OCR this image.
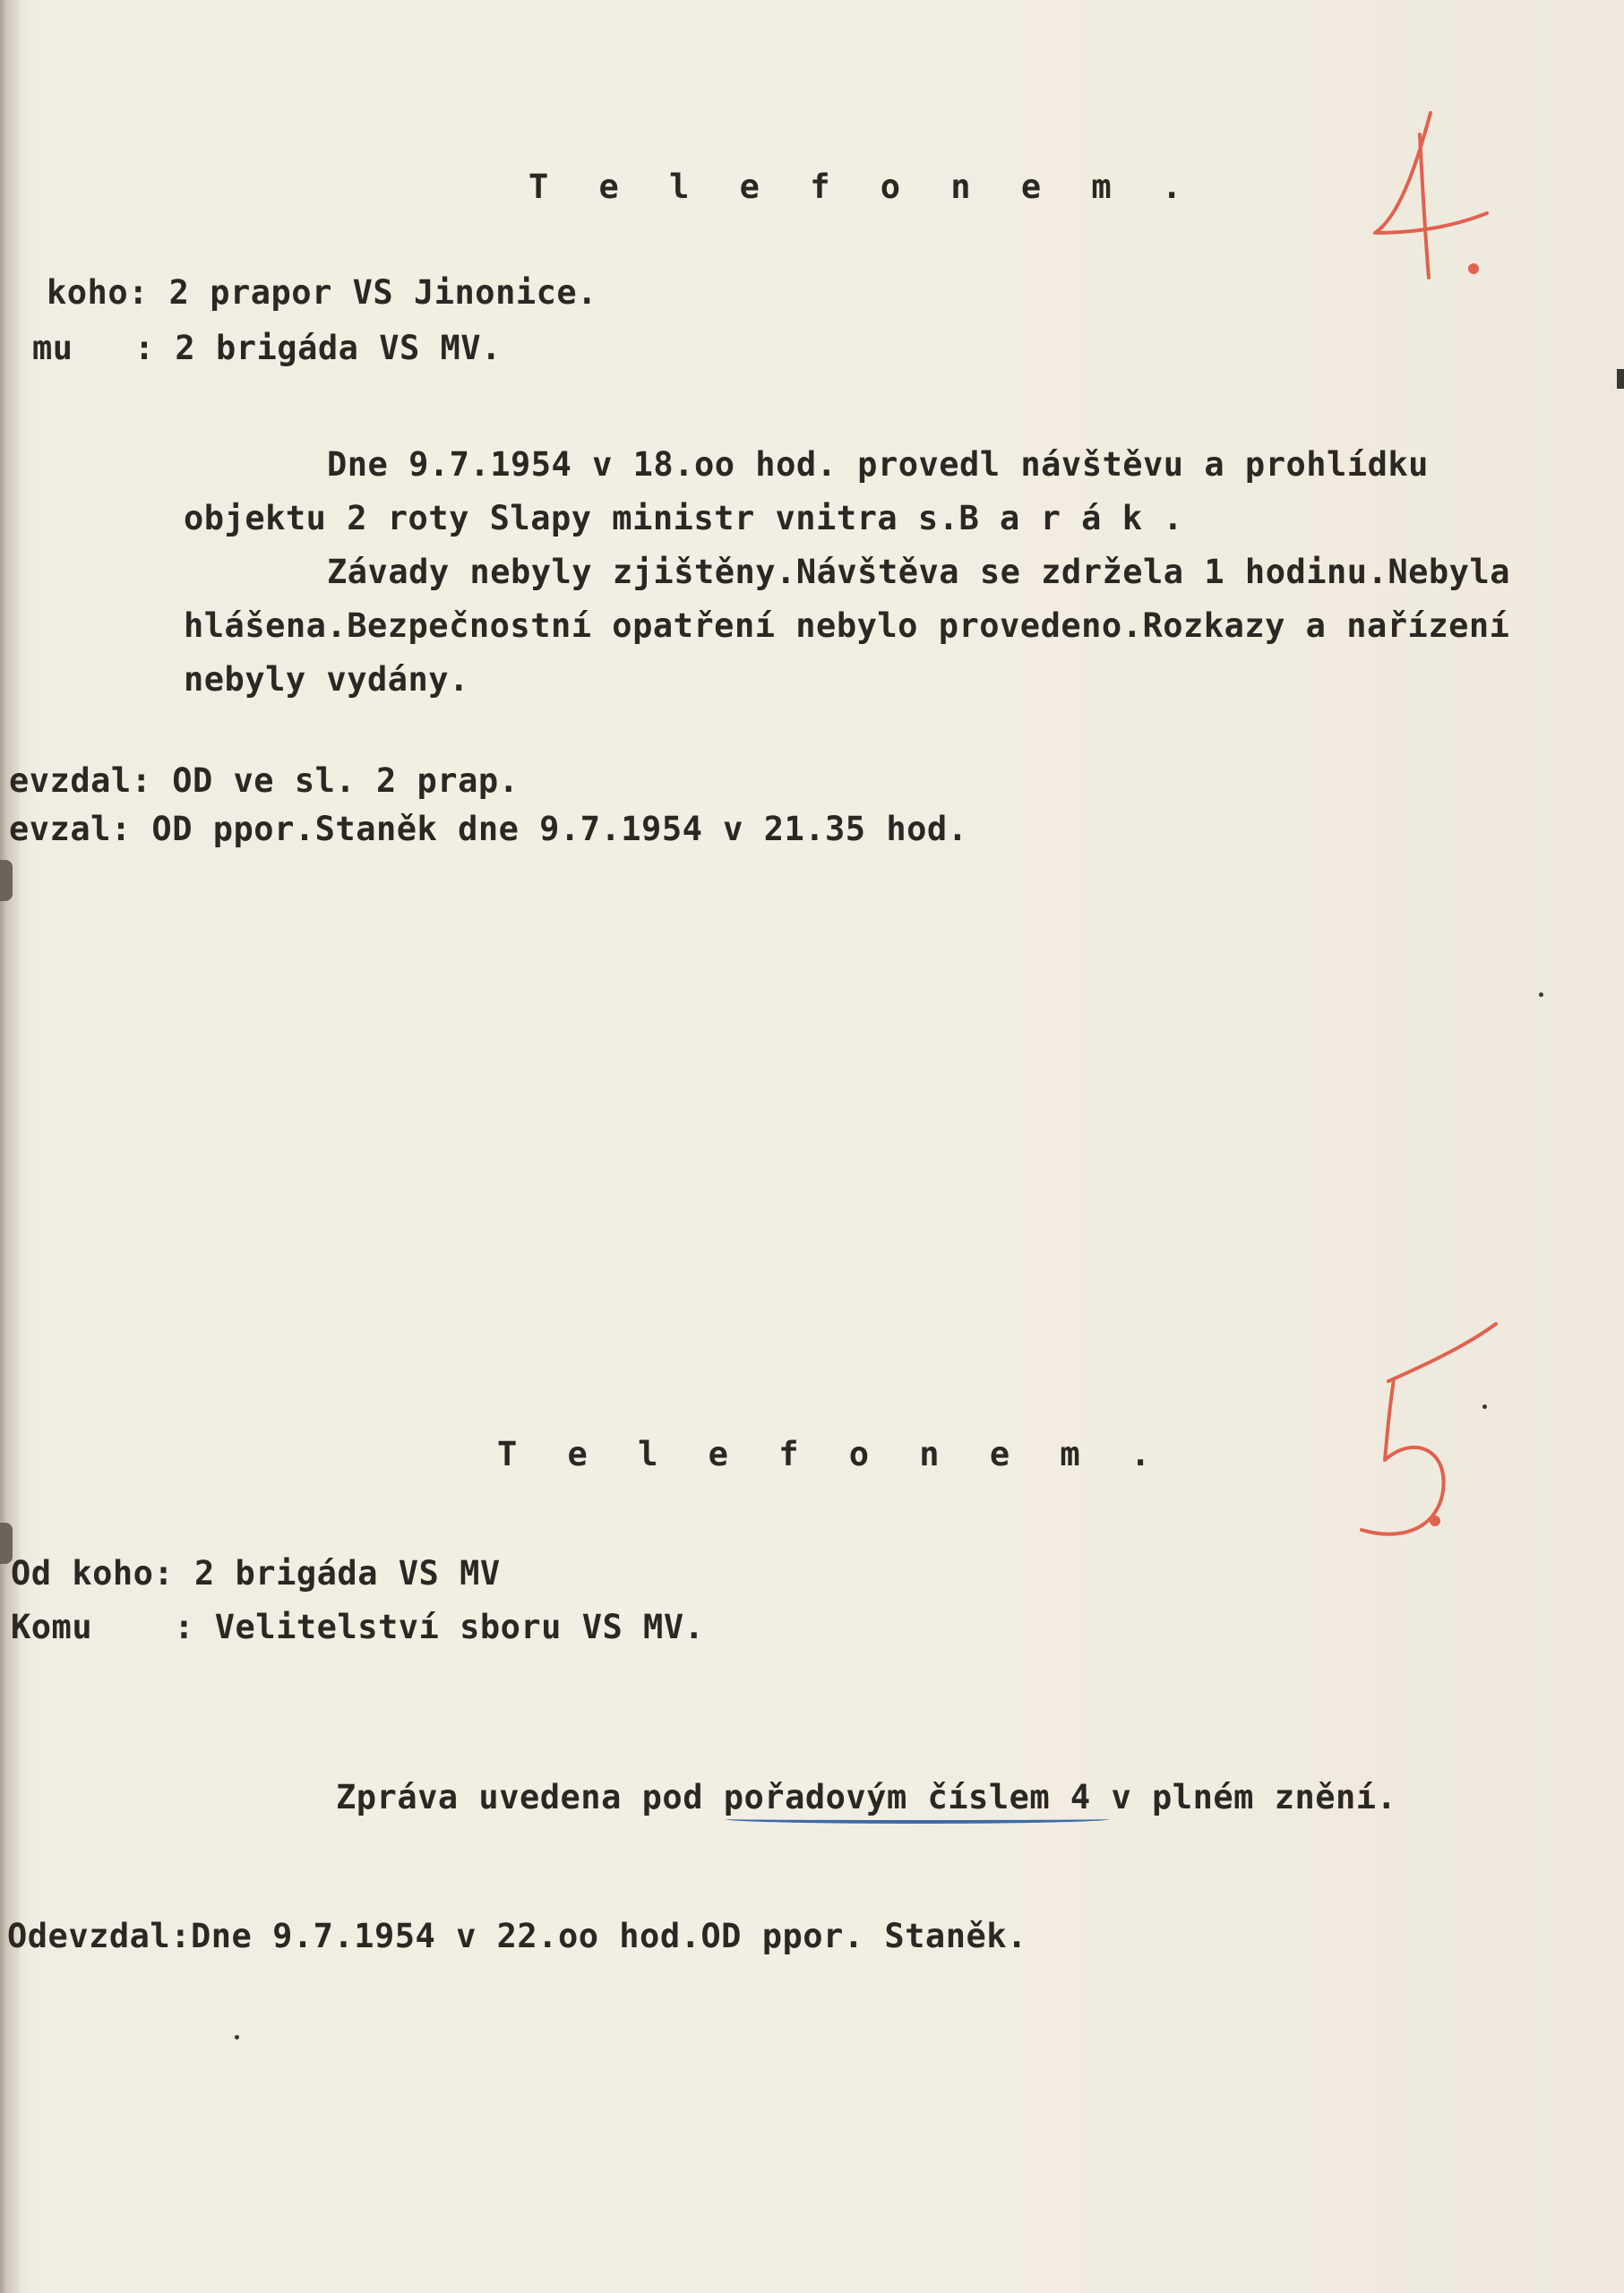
T e l e f o n e m .
koho: 2 prapor VS Jinonice.
mu   : 2 brigáda VS MV.
Dne 9.7.1954 v 18.oo hod. provedl návštěvu a prohlídku
objektu 2 roty Slapy ministr vnitra s.B a r á k .
Závady nebyly zjištěny.Návštěva se zdržela 1 hodinu.Nebyla
hlášena.Bezpečnostní opatření nebylo provedeno.Rozkazy a nařízení
nebyly vydány.
evzdal: OD ve sl. 2 prap.
evzal: OD ppor.Staněk dne 9.7.1954 v 21.35 hod.
T e l e f o n e m .
Od koho: 2 brigáda VS MV
Komu    : Velitelství sboru VS MV.
Zpráva uvedena pod pořadovým číslem 4 v plném znění.
Odevzdal:Dne 9.7.1954 v 22.oo hod.OD ppor. Staněk.
